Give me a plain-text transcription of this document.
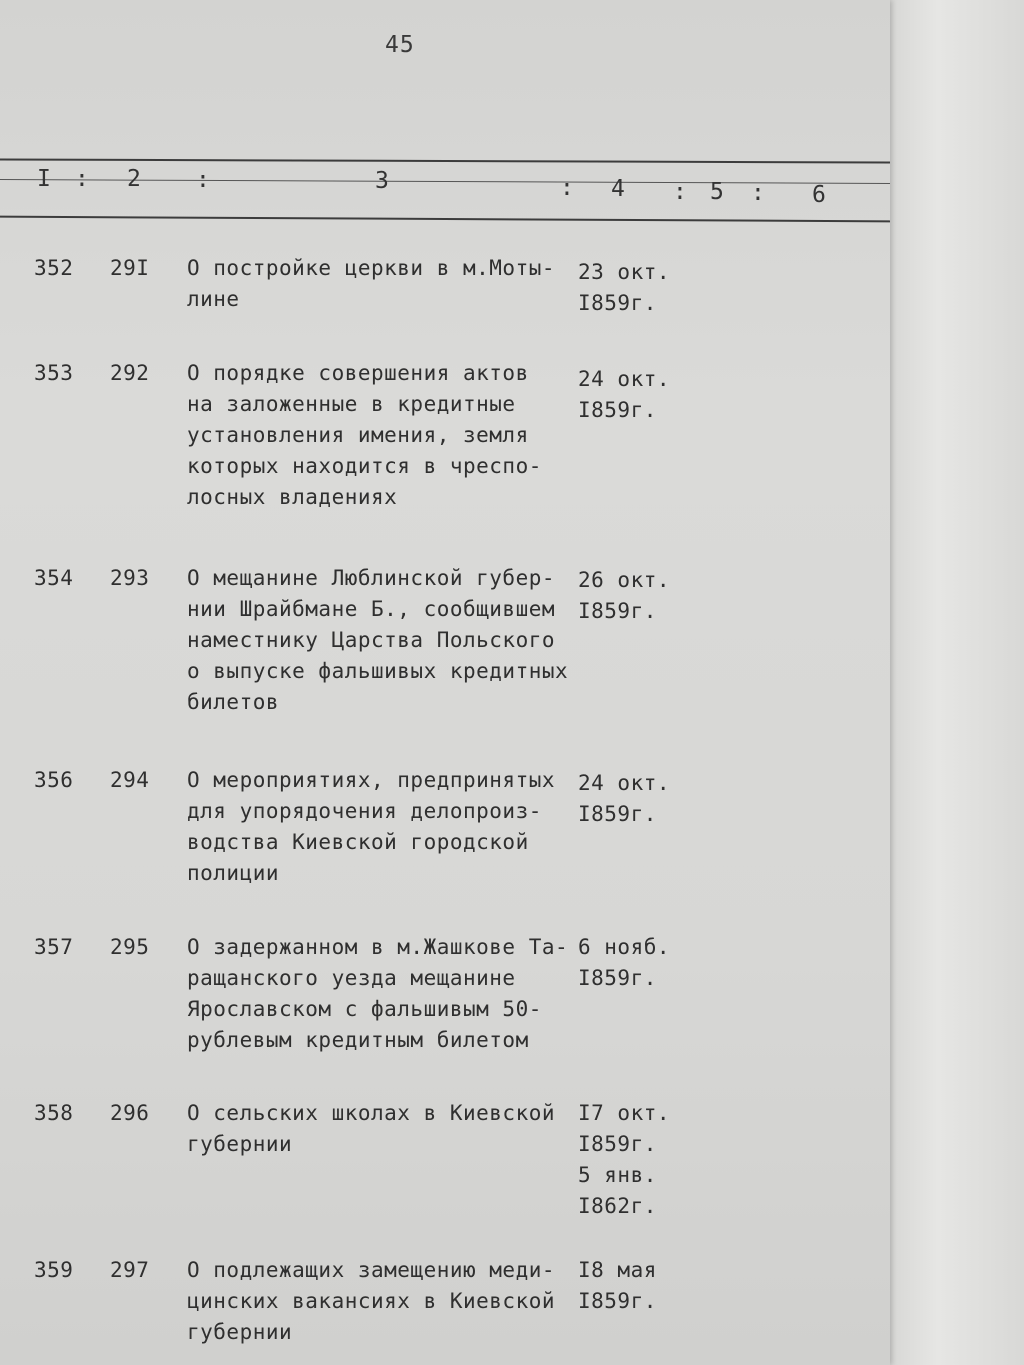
45
I : 2 :	3	: 4 : 5 : 6
352 29I О постройке церкви в м.Моты-
лине
23 окт.
I859г.
353 292 О порядке совершения актов
на заложенные в кредитные
установления имения, земля
которых находится в чреспо-
лосных владениях
24 окт.
I859г.
354 293 О мещанине Люблинской губер-
нии Шрайбмане Б., сообщившем
наместнику Царства Польского
о выпуске фальшивых кредитных
билетов
26 окт.
I859г.
356 294 О мероприятиях, предпринятых
для упорядочения делопроиз-
водства Киевской городской
полиции
24 окт.
I859г.
357 295 О задержанном в м.Жашкове Та-
ращанского уезда мещанине
Ярославском с фальшивым 50-
рублевым кредитным билетом
6 нояб.
I859г.
358 296 О сельских школах в Киевской
губернии
I7 окт.
I859г.
5 янв.
I862г.
359 297 О подлежащих замещению меди-
цинских вакансиях в Киевской
губернии
I8 мая
I859г.
